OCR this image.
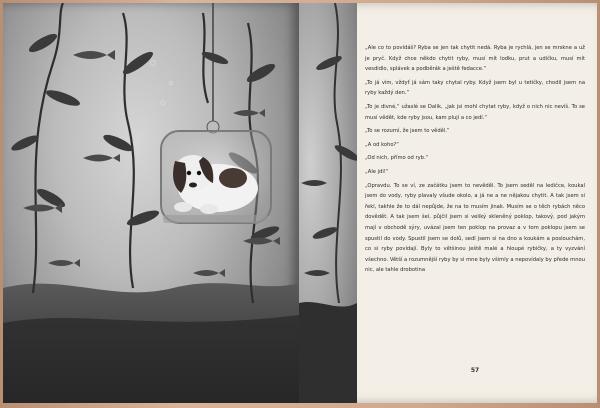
„Ale co to povídáš? Ryba se jen tak chytit nedá. Ryba je rychlá, jen se mrskne a už je pryč. Když chce někdo chytit ryby, musí mít lodku, prut a udičku, musí mít vesdidlo, splávek a podběrák a ještě fedacce.“

„To já vím, vždyť já sám taky chytal ryby. Když jsem byl u tetičky, chodil jsem na ryby každý den.“

„To je divné,“ užaslé se Dalik, „jak jsi mohl chytat ryby, když o nich nic nevíš. To se musí vědět, kde ryby jsou, kam plují a co jedí.“

„To se rozumí, že jsem to věděl.“

„A od koho?“

„Od nich, přímo od ryb.“

„Ale jdi!“

„Opravdu. To se ví, ze začátku jsem to nevěděl. To jsem seděl na ledičce, koukal jsem do vody, ryby plavaly všude okolo, a já ne a ne nějakou chytit. A tak jsem si řekl, takhle že to dál nepůjde, že na to musím jinak. Musím se o těch rybách něco dovědět. A tak jsem šel, půjčil jsem si veliký skleněný poklop, takový, pod jakým mají v obchodě sýry, uvázal jsem ten poklop na provaz a v tom poklopu jsem se spustil do vody. Spustil jsem se dolů, sedl jsem si na dno a koukám a poslouchám, co si ryby povídají. Byly to většinou ještě malé a hloupé rybičky, a ty vyzvání všechno. Větší a rozumnější ryby by si mne byly všimly a nepovídaly by přede mnou nic, ale tahle drobotina

57
